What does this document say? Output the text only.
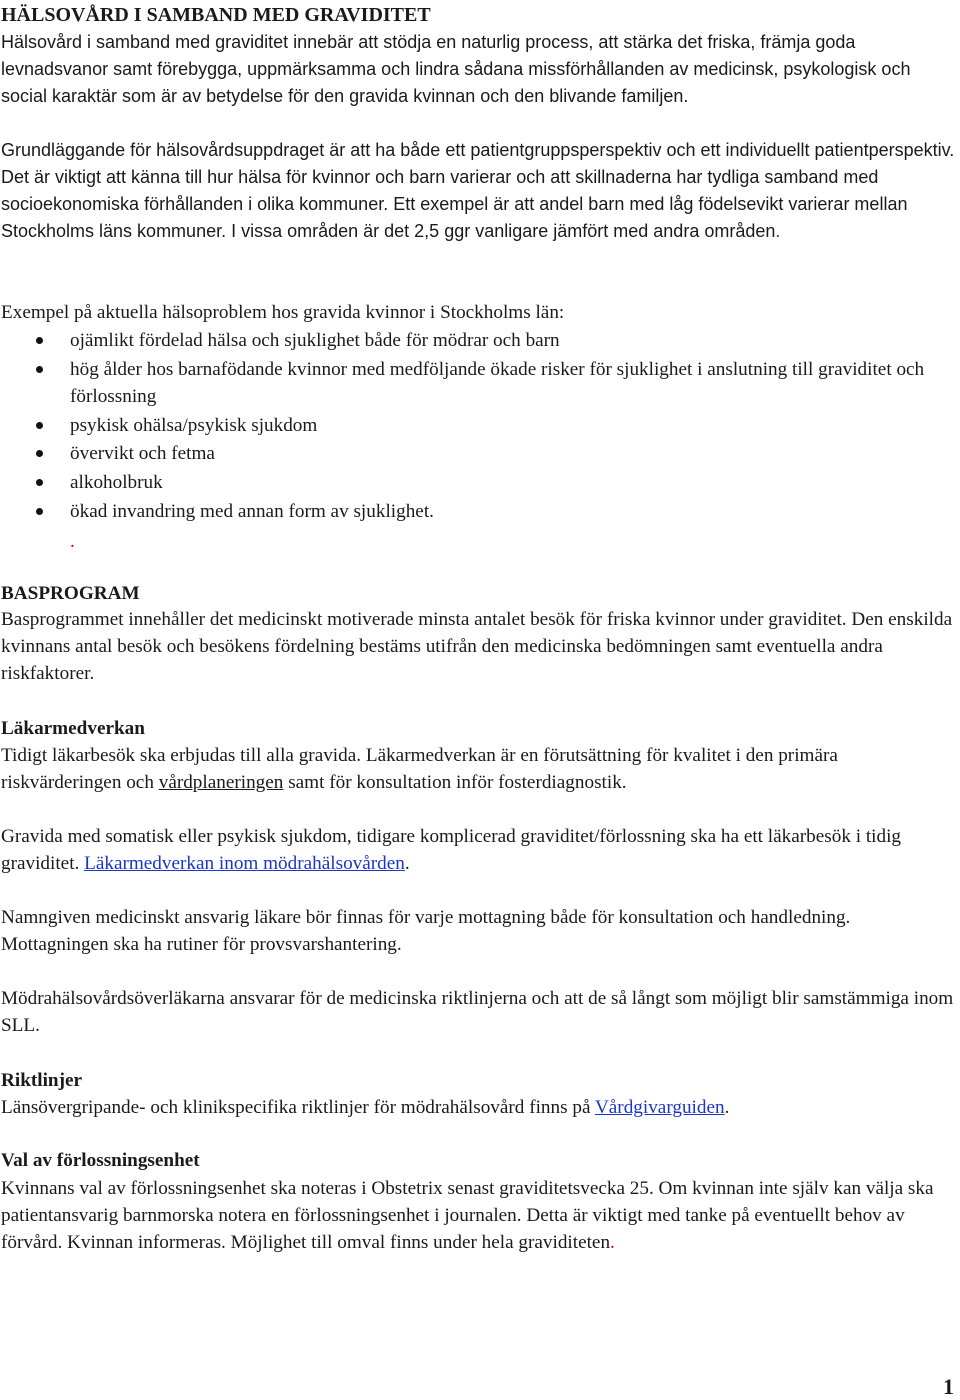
HÄLSOVÅRD I SAMBAND MED GRAVIDITET

Hälsovård i samband med graviditet innebär att stödja en naturlig process, att stärka det friska, främja goda levnadsvanor samt förebygga, uppmärksamma och lindra sådana missförhållanden av medicinsk, psykologisk och social karaktär som är av betydelse för den gravida kvinnan och den blivande familjen.

Grundläggande för hälsovårdsuppdraget är att ha både ett patientgruppsperspektiv och ett individuellt patientperspektiv. Det är viktigt att känna till hur hälsa för kvinnor och barn varierar och att skillnaderna har tydliga samband med socioekonomiska förhållanden i olika kommuner. Ett exempel är att andel barn med låg födelsevikt varierar mellan Stockholms läns kommuner. I vissa områden är det 2,5 ggr vanligare jämfört med andra områden.

Exempel på aktuella hälsoproblem hos gravida kvinnor i Stockholms län:

ojämlikt fördelad hälsa och sjuklighet både för mödrar och barn
hög ålder hos barnafödande kvinnor med medföljande ökade risker för sjuklighet i anslutning till graviditet och förlossning
psykisk ohälsa/psykisk sjukdom
övervikt och fetma
alkoholbruk
ökad invandring med annan form av sjuklighet.
.
BASPROGRAM

Basprogrammet innehåller det medicinskt motiverade minsta antalet besök för friska kvinnor under graviditet. Den enskilda kvinnans antal besök och besökens fördelning bestäms utifrån den medicinska bedömningen samt eventuella andra riskfaktorer.

Läkarmedverkan

Tidigt läkarbesök ska erbjudas till alla gravida. Läkarmedverkan är en förutsättning för kvalitet i den primära riskvärderingen och vårdplaneringen samt för konsultation inför fosterdiagnostik.

Gravida med somatisk eller psykisk sjukdom, tidigare komplicerad graviditet/förlossning ska ha ett läkarbesök i tidig graviditet. Läkarmedverkan inom mödrahälsovården.

Namngiven medicinskt ansvarig läkare bör finnas för varje mottagning både för konsultation och handledning. Mottagningen ska ha rutiner för provsvarshantering.

Mödrahälsovårdsöverläkarna ansvarar för de medicinska riktlinjerna och att de så långt som möjligt blir samstämmiga inom SLL.

Riktlinjer

Länsövergripande- och klinikspecifika riktlinjer för mödrahälsovård finns på Vårdgivarguiden.

Val av förlossningsenhet

Kvinnans val av förlossningsenhet ska noteras i Obstetrix senast graviditetsvecka 25. Om kvinnan inte själv kan välja ska patientansvarig barnmorska notera en förlossningsenhet i journalen. Detta är viktigt med tanke på eventuellt behov av förvård. Kvinnan informeras. Möjlighet till omval finns under hela graviditeten.

1
